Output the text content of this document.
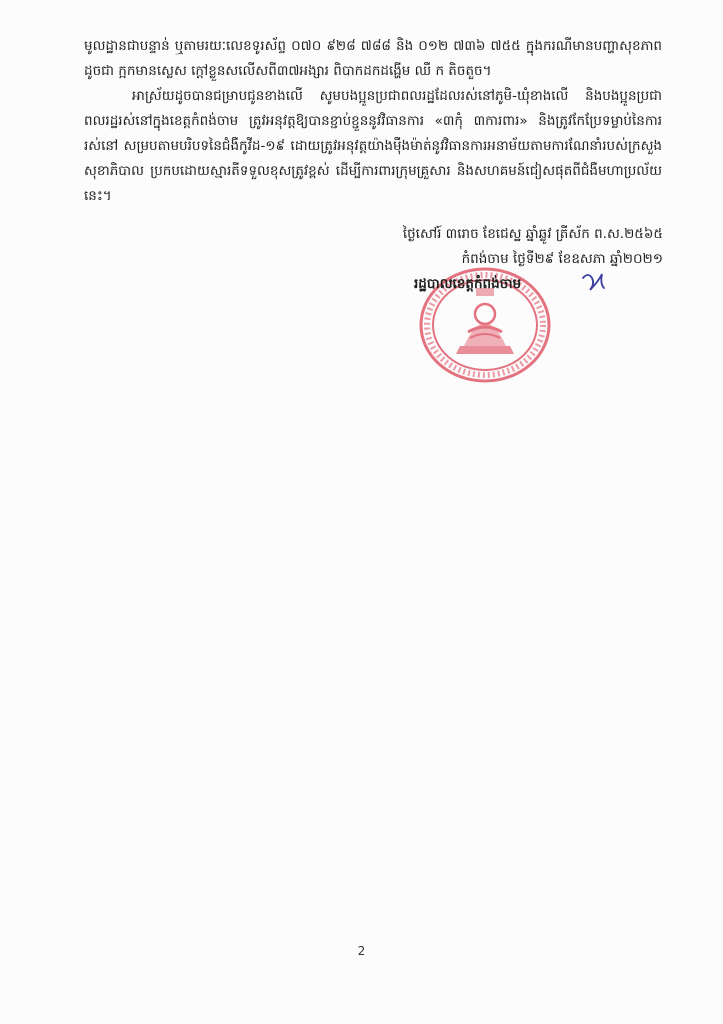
មូលដ្ឋានជាបន្ទាន់ ឬតាមរយៈលេខទូរស័ព្ទ ០៧០ ៩២៨ ៧៨៨ និង ០១២ ៧៣៦ ៧៥៥ ក្នុងករណីមានបញ្ហាសុខភាពដូចជា ក្អកមានស្លេស ក្តៅខ្លួនសលើសពី៣៧អង្សារ ពិបាកដកដង្ហើម ឈឺ ក តិចតួច។

អាស្រ័យដូចបានជម្រាបជូនខាងលើ សូមបងប្អូនប្រជាពលរដ្ឋដែលរស់នៅភូមិ-ឃុំខាងលើ និងបងប្អូនប្រជាពលរដ្ឋរស់នៅក្នុងខេត្តកំពង់ចាម ត្រូវអនុវត្តឱ្យបានខ្ជាប់ខ្ជួននូវវិធានការ «៣កុំ ៣ការពារ» និងត្រូវកែប្រែទម្លាប់នៃការរស់នៅ សម្របតាមបរិបទនៃជំងឺកូវីដ-១៩ ដោយត្រូវអនុវត្តយ៉ាងម៉ឺងម៉ាត់នូវវិធានការអនាម័យតាមការណែនាំរបស់ក្រសួងសុខាភិបាល ប្រកបដោយស្មារតីទទួលខុសត្រូវខ្ពស់ ដើម្បីការពារក្រុមគ្រួសារ និងសហគមន៍ជៀសផុតពីជំងឺមហាប្រល័យនេះ។

ថ្ងៃសៅរ៍ ៣រោច ខែជេស្ឋ ឆ្នាំឆ្លូវ ត្រីស័ក ព.ស.២៥៦៥
កំពង់ចាម ថ្ងៃទី២៩ ខែឧសភា ឆ្នាំ២០២១
រដ្ឋបាលខេត្តកំពង់ចាម
2
